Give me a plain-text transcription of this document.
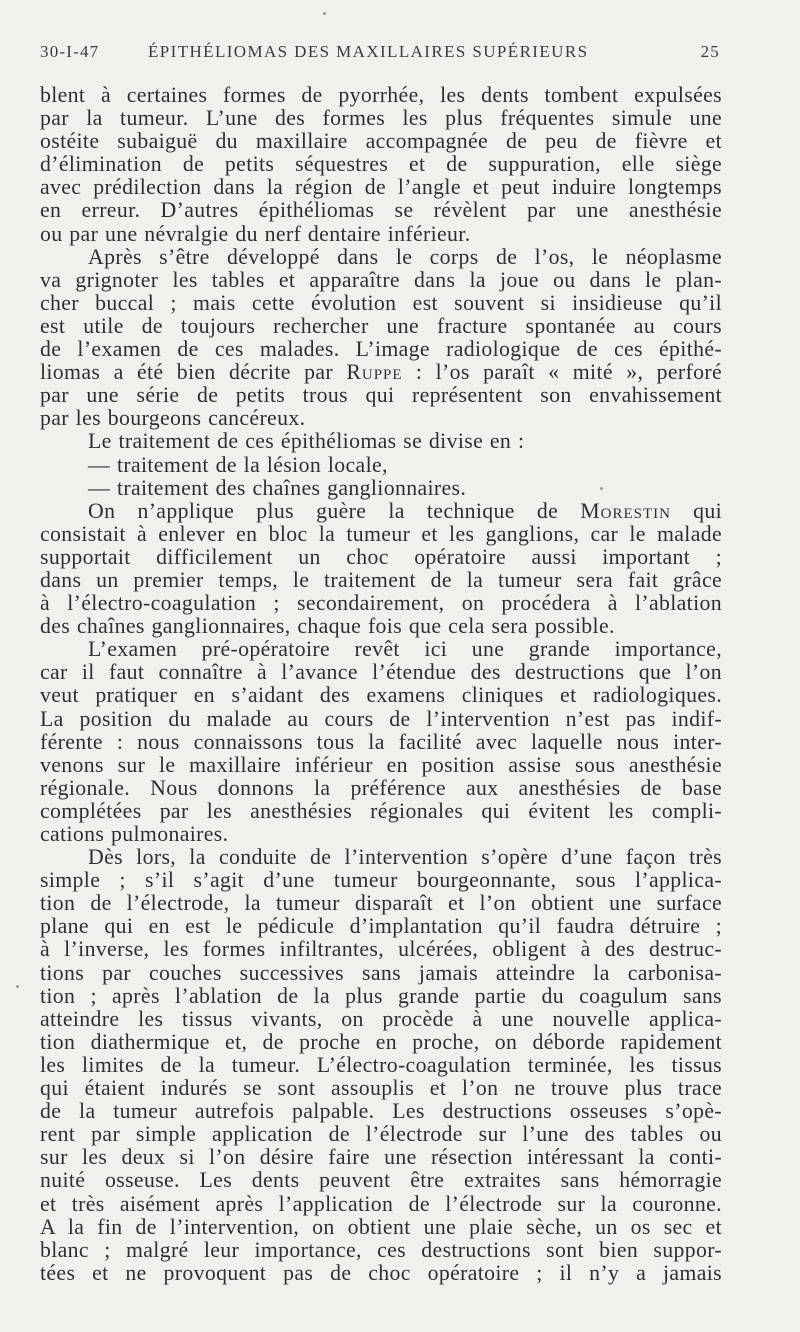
30-I-47	ÉPITHÉLIOMAS DES MAXILLAIRES SUPÉRIEURS	25

blent à certaines formes de pyorrhée, les dents tombent expulsées

par la tumeur. L’une des formes les plus fréquentes simule une

ostéite subaiguë du maxillaire accompagnée de peu de fièvre et

d’élimination de petits séquestres et de suppuration, elle siège

avec prédilection dans la région de l’angle et peut induire longtemps

en erreur. D’autres épithéliomas se révèlent par une anesthésie

ou par une névralgie du nerf dentaire inférieur.

Après s’être développé dans le corps de l’os, le néoplasme

va grignoter les tables et apparaître dans la joue ou dans le plan-

cher buccal ; mais cette évolution est souvent si insidieuse qu’il

est utile de toujours rechercher une fracture spontanée au cours

de l’examen de ces malades. L’image radiologique de ces épithé-

liomas a été bien décrite par Ruppe : l’os paraît « mité », perforé

par une série de petits trous qui représentent son envahissement

par les bourgeons cancéreux.

Le traitement de ces épithéliomas se divise en :

— traitement de la lésion locale,

— traitement des chaînes ganglionnaires.

On n’applique plus guère la technique de Morestin qui

consistait à enlever en bloc la tumeur et les ganglions, car le malade

supportait difficilement un choc opératoire aussi important ;

dans un premier temps, le traitement de la tumeur sera fait grâce

à l’électro-coagulation ; secondairement, on procédera à l’ablation

des chaînes ganglionnaires, chaque fois que cela sera possible.

L’examen pré-opératoire revêt ici une grande importance,

car il faut connaître à l’avance l’étendue des destructions que l’on

veut pratiquer en s’aidant des examens cliniques et radiologiques.

La position du malade au cours de l’intervention n’est pas indif-

férente : nous connaissons tous la facilité avec laquelle nous inter-

venons sur le maxillaire inférieur en position assise sous anesthésie

régionale. Nous donnons la préférence aux anesthésies de base

complétées par les anesthésies régionales qui évitent les compli-

cations pulmonaires.

Dès lors, la conduite de l’intervention s’opère d’une façon très

simple ; s’il s’agit d’une tumeur bourgeonnante, sous l’applica-

tion de l’électrode, la tumeur disparaît et l’on obtient une surface

plane qui en est le pédicule d’implantation qu’il faudra détruire ;

à l’inverse, les formes infiltrantes, ulcérées, obligent à des destruc-

tions par couches successives sans jamais atteindre la carbonisa-

tion ; après l’ablation de la plus grande partie du coagulum sans

atteindre les tissus vivants, on procède à une nouvelle applica-

tion diathermique et, de proche en proche, on déborde rapidement

les limites de la tumeur. L’électro-coagulation terminée, les tissus

qui étaient indurés se sont assouplis et l’on ne trouve plus trace

de la tumeur autrefois palpable. Les destructions osseuses s’opè-

rent par simple application de l’électrode sur l’une des tables ou

sur les deux si l’on désire faire une résection intéressant la conti-

nuité osseuse. Les dents peuvent être extraites sans hémorragie

et très aisément après l’application de l’électrode sur la couronne.

A la fin de l’intervention, on obtient une plaie sèche, un os sec et

blanc ; malgré leur importance, ces destructions sont bien suppor-

tées et ne provoquent pas de choc opératoire ; il n’y a jamais
